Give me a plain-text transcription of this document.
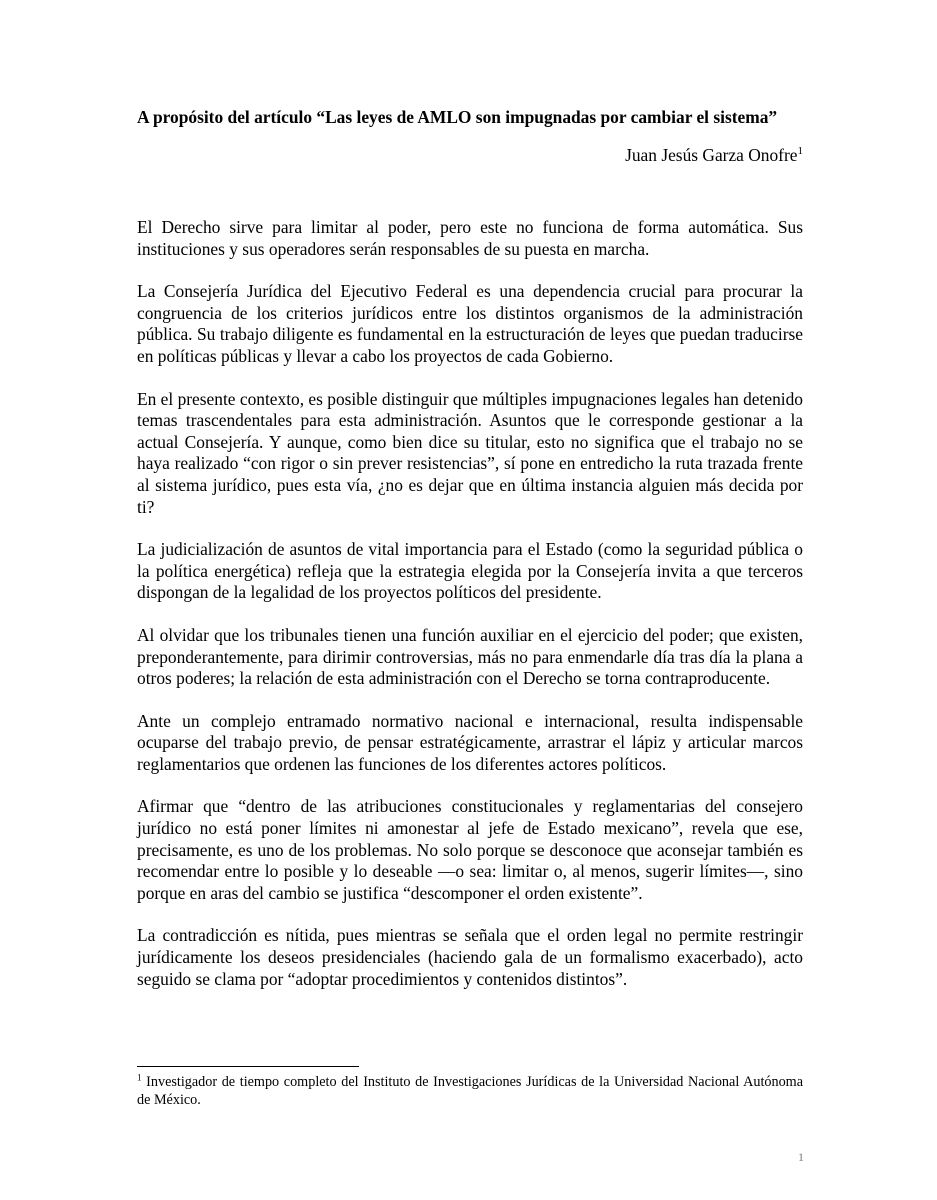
A propósito del artículo “Las leyes de AMLO son impugnadas por cambiar el sistema”
Juan Jesús Garza Onofre$^1$

El Derecho sirve para limitar al poder, pero este no funciona de forma automática. Sus instituciones y sus operadores serán responsables de su puesta en marcha.

La Consejería Jurídica del Ejecutivo Federal es una dependencia crucial para procurar la congruencia de los criterios jurídicos entre los distintos organismos de la administración pública. Su trabajo diligente es fundamental en la estructuración de leyes que puedan traducirse en políticas públicas y llevar a cabo los proyectos de cada Gobierno.

En el presente contexto, es posible distinguir que múltiples impugnaciones legales han detenido temas trascendentales para esta administración. Asuntos que le corresponde gestionar a la actual Consejería. Y aunque, como bien dice su titular, esto no significa que el trabajo no se haya realizado “con rigor o sin prever resistencias”, sí pone en entredicho la ruta trazada frente al sistema jurídico, pues esta vía, ¿no es dejar que en última instancia alguien más decida por ti?

La judicialización de asuntos de vital importancia para el Estado (como la seguridad pública o la política energética) refleja que la estrategia elegida por la Consejería invita a que terceros dispongan de la legalidad de los proyectos políticos del presidente.

Al olvidar que los tribunales tienen una función auxiliar en el ejercicio del poder; que existen, preponderantemente, para dirimir controversias, más no para enmendarle día tras día la plana a otros poderes; la relación de esta administración con el Derecho se torna contraproducente.

Ante un complejo entramado normativo nacional e internacional, resulta indispensable ocuparse del trabajo previo, de pensar estratégicamente, arrastrar el lápiz y articular marcos reglamentarios que ordenen las funciones de los diferentes actores políticos.

Afirmar que “dentro de las atribuciones constitucionales y reglamentarias del consejero jurídico no está poner límites ni amonestar al jefe de Estado mexicano”, revela que ese, precisamente, es uno de los problemas. No solo porque se desconoce que aconsejar también es recomendar entre lo posible y lo deseable —o sea: limitar o, al menos, sugerir límites—, sino porque en aras del cambio se justifica “descomponer el orden existente”.

La contradicción es nítida, pues mientras se señala que el orden legal no permite restringir jurídicamente los deseos presidenciales (haciendo gala de un formalismo exacerbado), acto seguido se clama por “adoptar procedimientos y contenidos distintos”.

$^1$ Investigador de tiempo completo del Instituto de Investigaciones Jurídicas de la Universidad Nacional Autónoma de México.
1
